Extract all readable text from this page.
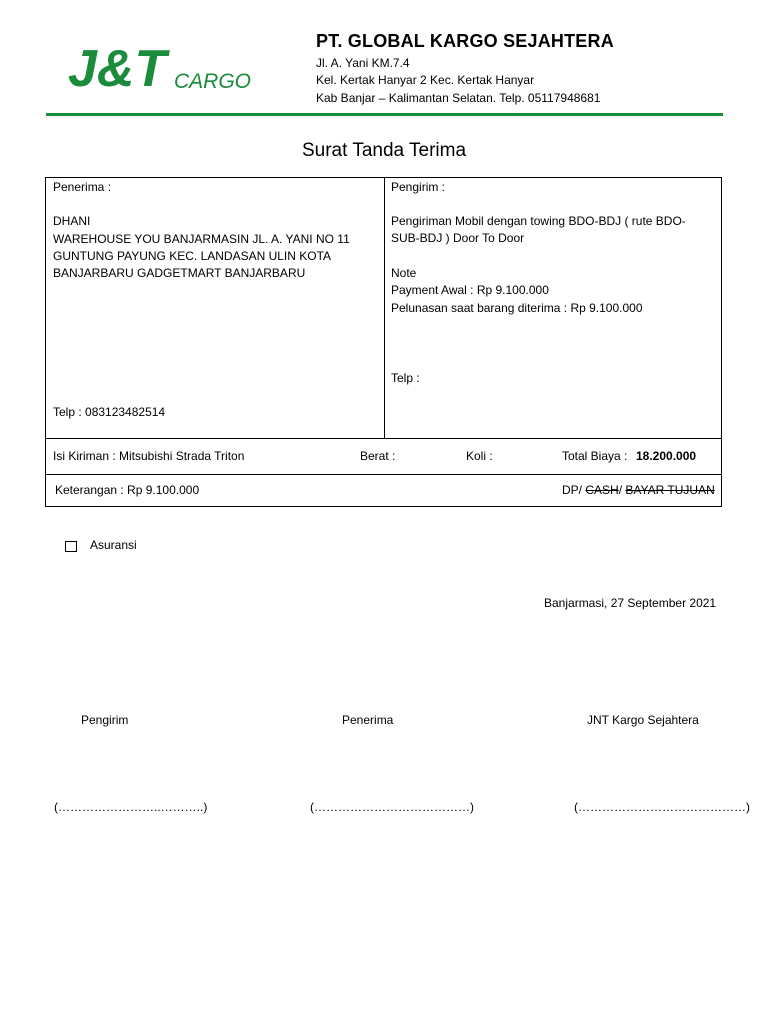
J&T CARGO
PT. GLOBAL KARGO SEJAHTERA
Jl. A. Yani KM.7.4
Kel. Kertak Hanyar 2 Kec. Kertak Hanyar
Kab Banjar – Kalimantan Selatan. Telp. 05117948681
Surat Tanda Terima
Penerima :
DHANI
WAREHOUSE YOU BANJARMASIN JL. A. YANI NO 11 GUNTUNG PAYUNG KEC. LANDASAN ULIN KOTA BANJARBARU GADGETMART BANJARBARU
Telp : 083123482514
Pengirim :
Pengiriman Mobil dengan towing BDO-BDJ ( rute BDO-SUB-BDJ ) Door To Door
Note
Payment Awal : Rp 9.100.000
Pelunasan saat barang diterima : Rp 9.100.000
Telp :
Isi Kiriman : Mitsubishi Strada Triton	Berat :	Koli :	Total Biaya : 18.200.000
Keterangan : Rp 9.100.000	DP/ CASH/ BAYAR TUJUAN
Asuransi
Banjarmasi, 27 September 2021
Pengirim	Penerima	JNT Kargo Sejahtera
(……………………..………..)	(…………………………………)	(……………………………………)
